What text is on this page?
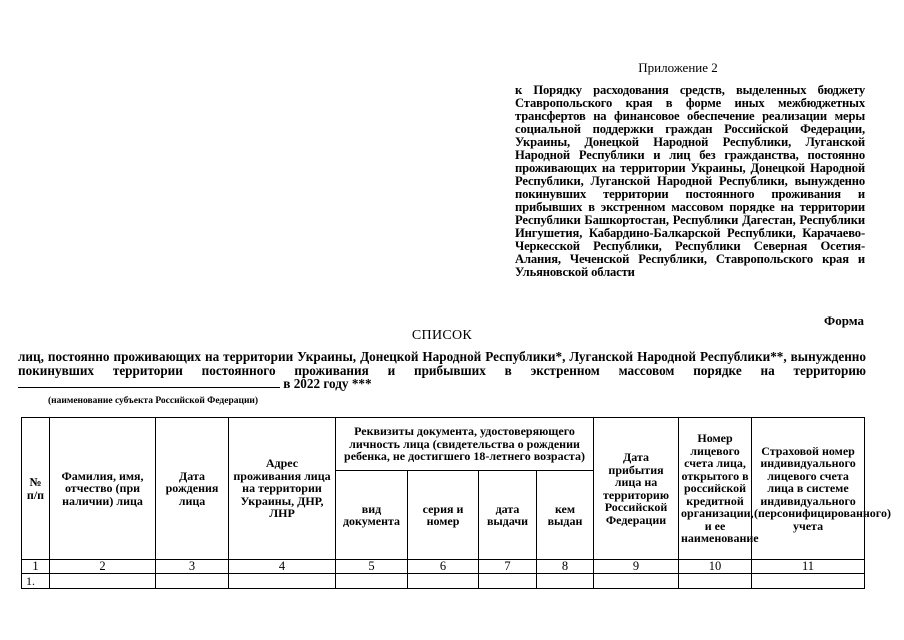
Приложение 2
к Порядку расходования средств, выделенных бюджету Ставропольского края в форме иных межбюджетных трансфертов на финансовое обеспечение реализации меры социальной поддержки граждан Российской Федерации, Украины, Донецкой Народной Республики, Луганской Народной Республики и лиц без гражданства, постоянно проживающих на территории Украины, Донецкой Народной Республики, Луганской Народной Республики, вынужденно покинувших территории постоянного проживания и прибывших в экстренном массовом порядке на территории Республики Башкортостан, Республики Дагестан, Республики Ингушетия, Кабардино-Балкарской Республики, Карачаево-Черкесской Республики, Республики Северная Осетия-Алания, Чеченской Республики, Ставропольского края и Ульяновской области
Форма
СПИСОК
лиц, постоянно проживающих на территории Украины, Донецкой Народной Республики*, Луганской Народной Республики**, вынужденно покинувших территории постоянного проживания и прибывших в экстренном массовом порядке на территорию в 2022 году ***
(наименование субъекта Российской Федерации)
№ п/п	Фамилия, имя, отчество (при наличии) лица	Дата рождения лица	Адрес проживания лица на территории Украины, ДНР, ЛНР	Реквизиты документа, удостоверяющего личность лица (свидетельства о рождении ребенка, не достигшего 18-летнего возраста)				Дата прибытия лица на территорию Российской Федерации	Номер лицевого счета лица, открытого в российской кредитной организации, и ее наименование	Страховой номер индивидуального лицевого счета лица в системе индивидуального (персонифицированного) учета
				вид документа	серия и номер	дата выдачи	кем выдан			
1	2	3	4	5	6	7	8	9	10	11
1.										
